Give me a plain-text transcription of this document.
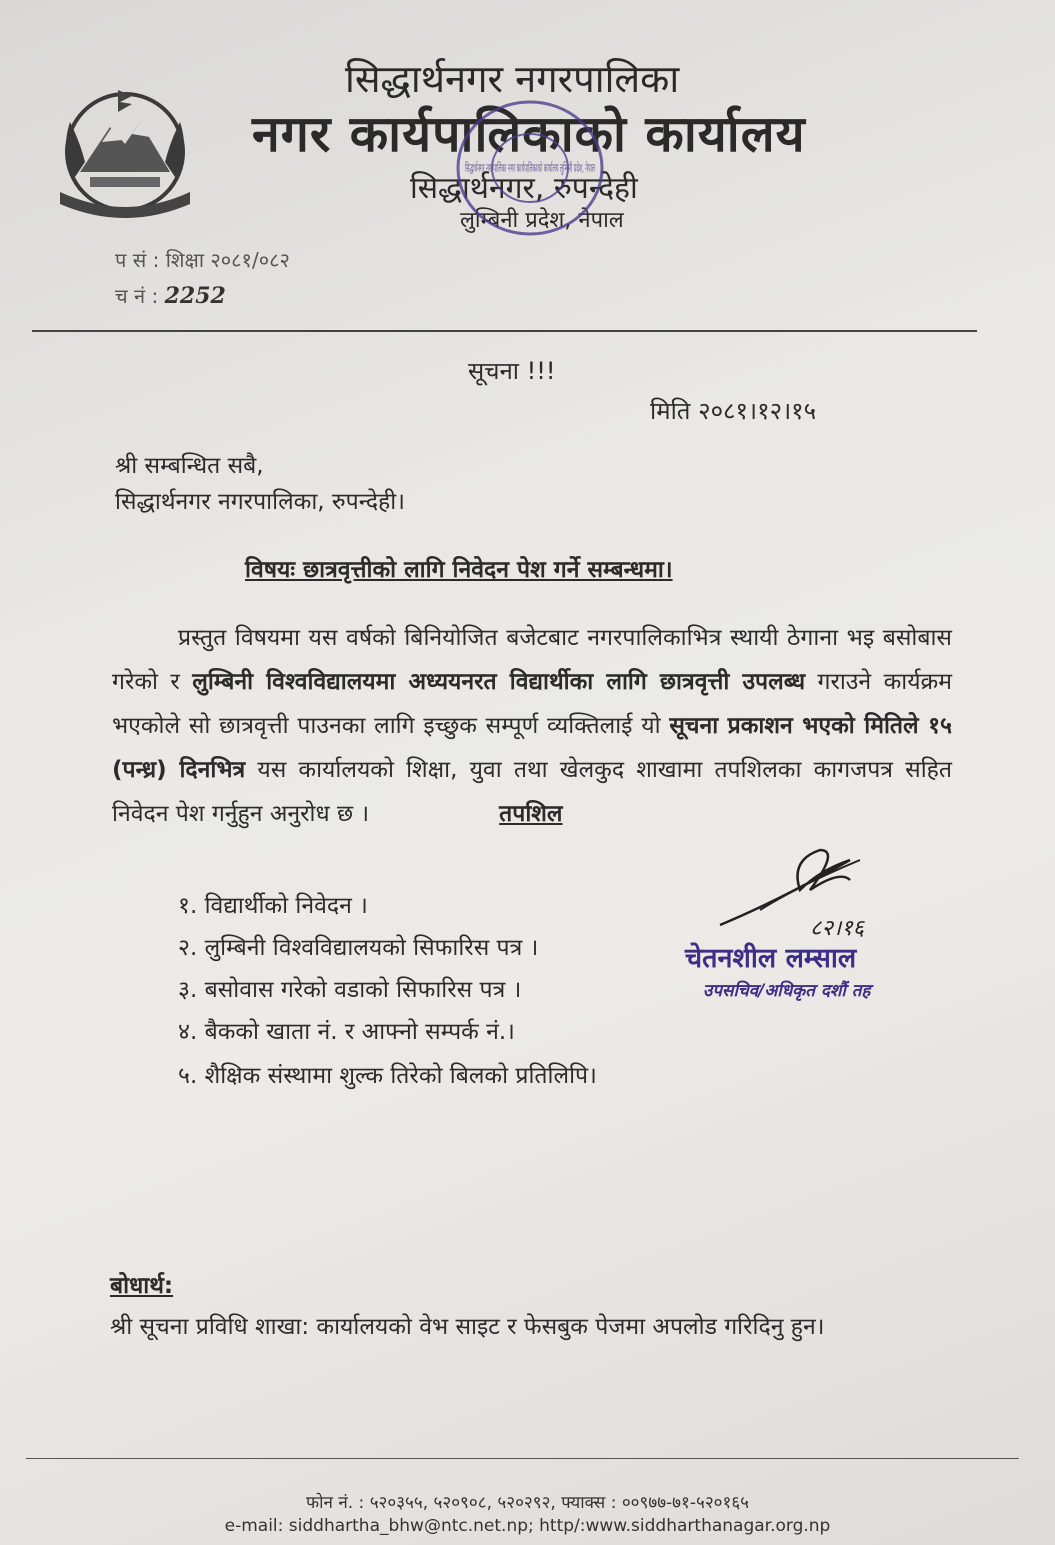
सिद्धार्थनगर नगरपालिका
नगर कार्यपालिकाको कार्यालय
सिद्धार्थनगर, रुपन्देही
लुम्बिनी प्रदेश, नेपाल
सिद्धार्थनगर नगरपालिका नगर कार्यपालिकाको कार्यालय लुम्बिनी प्रदेश, नेपाल
प सं : शिक्षा २०८१/०८२
च नं : 2252
सूचना !!!
मिति २०८१।१२।१५
श्री सम्बन्धित सबै,
सिद्धार्थनगर नगरपालिका, रुपन्देही।
विषयः छात्रवृत्तीको लागि निवेदन पेश गर्ने सम्बन्धमा।
प्रस्तुत विषयमा यस वर्षको बिनियोजित बजेटबाट नगरपालिकाभित्र स्थायी ठेगाना भइ बसोबास गरेको र लुम्बिनी विश्वविद्यालयमा अध्ययनरत विद्यार्थीका लागि छात्रवृत्ती उपलब्ध गराउने कार्यक्रम भएकोले सो छात्रवृत्ती पाउनका लागि इच्छुक सम्पूर्ण व्यक्तिलाई यो सूचना प्रकाशन भएको मितिले १५ (पन्ध्र) दिनभित्र यस कार्यालयको शिक्षा, युवा तथा खेलकुद शाखामा तपशिलका कागजपत्र सहित निवेदन पेश गर्नुहुन अनुरोध छ ।	तपशिल
१. विद्यार्थीको निवेदन ।
२. लुम्बिनी विश्वविद्यालयको सिफारिस पत्र ।
३. बसोवास गरेको वडाको सिफारिस पत्र ।
४. बैकको खाता नं. र आफ्नो सम्पर्क नं.।
५. शैक्षिक संस्थामा शुल्क तिरेको बिलको प्रतिलिपि।
८२।१६
चेतनशील लम्साल
उपसचिव/अधिकृत दशौं तह
बोधार्थ:
श्री सूचना प्रविधि शाखा: कार्यालयको वेभ साइट र फेसबुक पेजमा अपलोड गरिदिनु हुन।
फोन नं. : ५२०३५५, ५२०९०८, ५२०२९२, फ्याक्स : ००९७७-७१-५२०१६५
e-mail: siddhartha_bhw@ntc.net.np; http/:www.siddharthanagar.org.np
